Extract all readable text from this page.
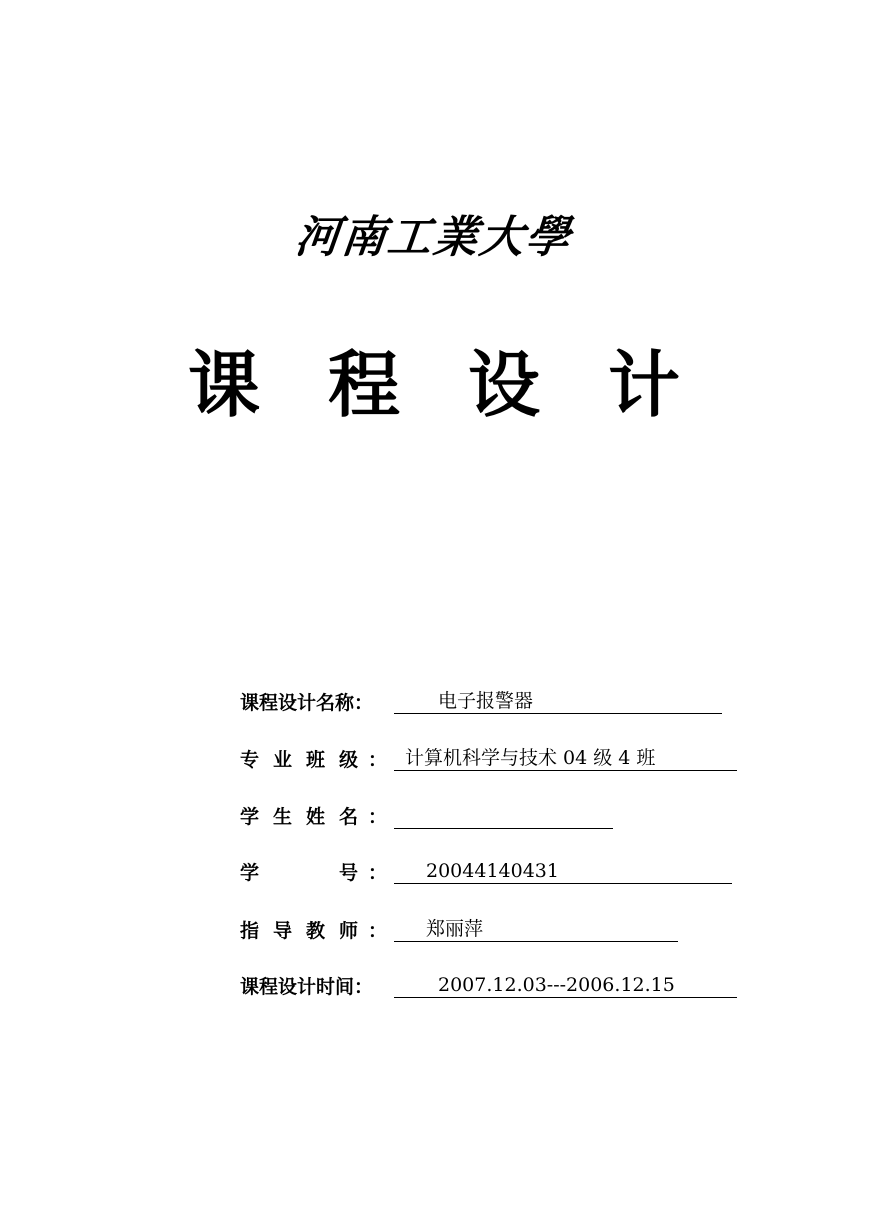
河南工業大學
课 程 设 计
课程设计名称：	电子报警器
专 业 班 级 ： 计算机科学与技术 04 级 4 班
学 生 姓 名 ：
学	号 ：	20044140431
指 导 教 师 ：	郑丽萍
课程设计时间：	2007.12.03---2006.12.15
